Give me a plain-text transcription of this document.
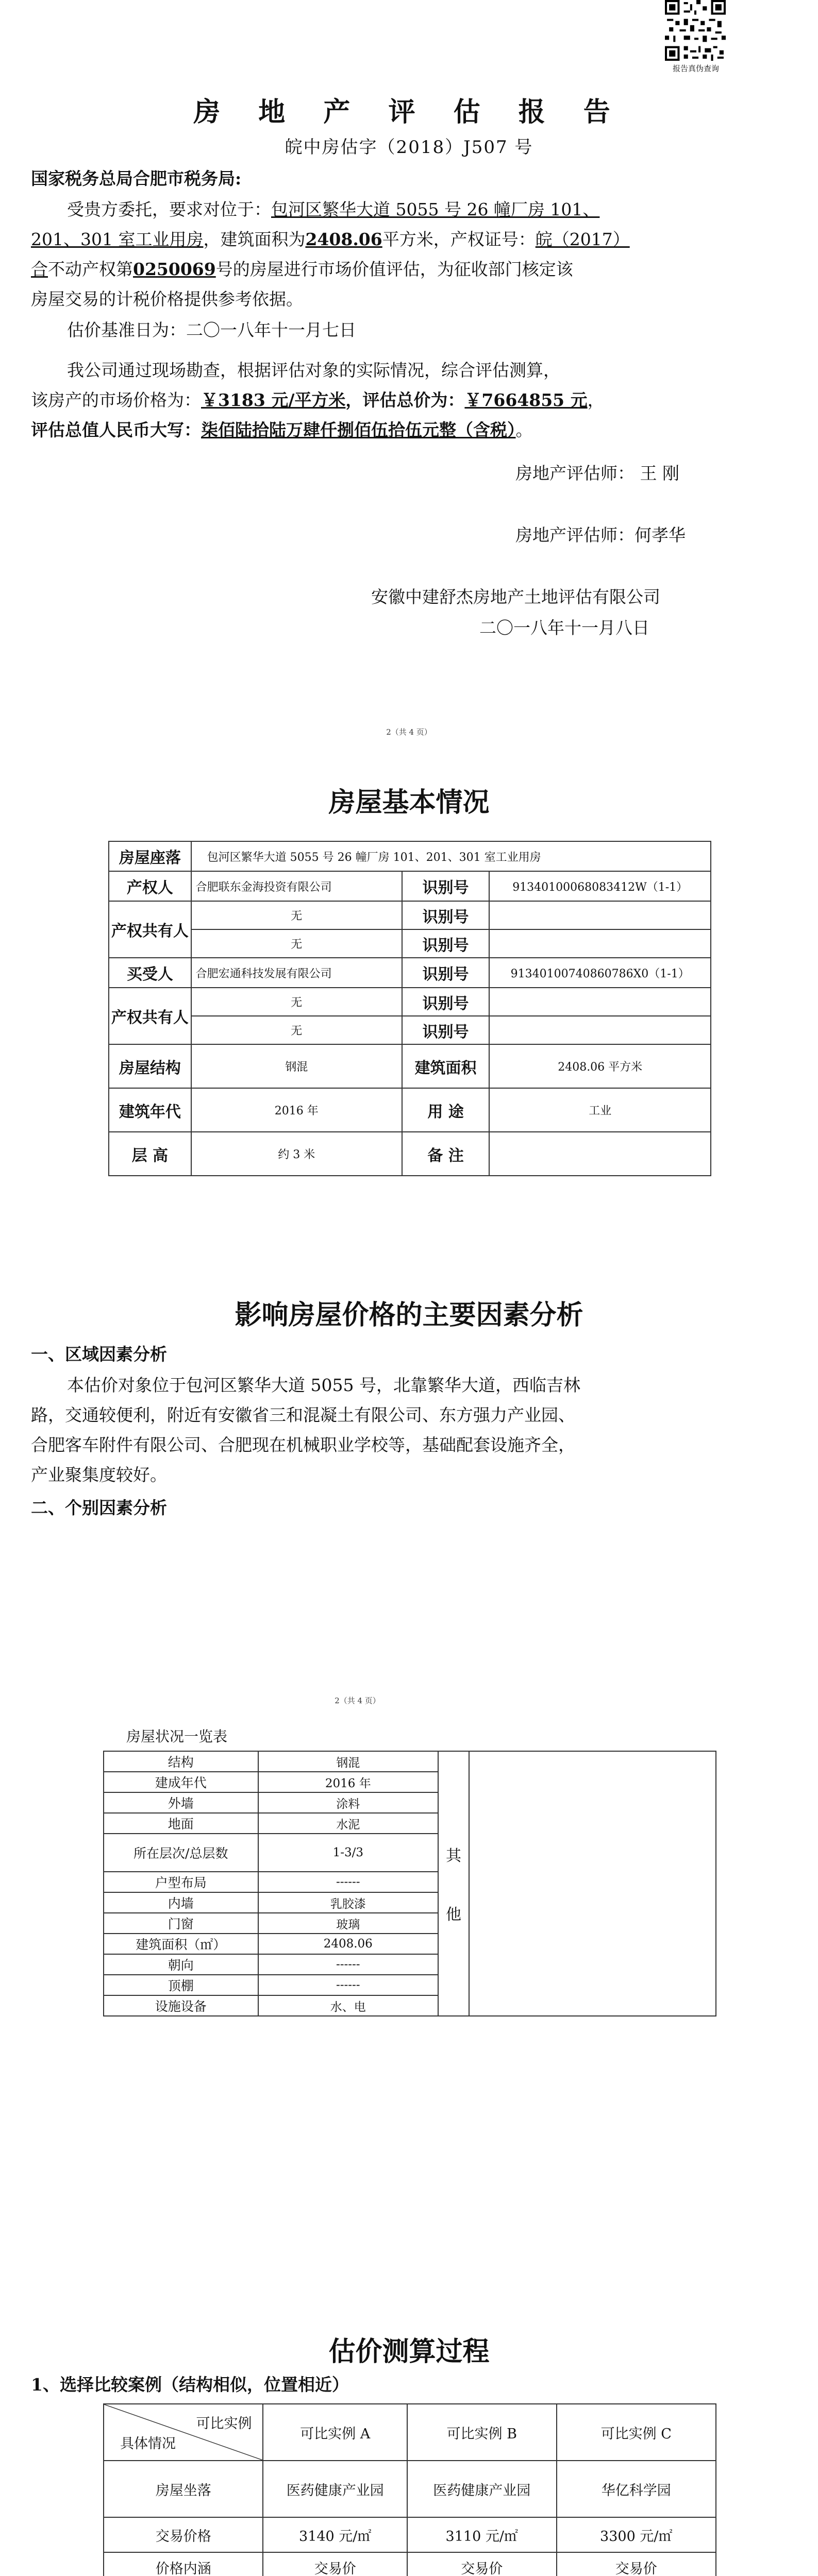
报告真伪查询
房 地 产 评 估 报 告
皖中房估字（2018）J507 号
国家税务总局合肥市税务局:
受贵方委托，要求对位于：包河区繁华大道 5055 号 26 幢厂房 101、
201、301 室工业用房，建筑面积为2408.06平方米，产权证号：皖（2017）
合不动产权第0250069号的房屋进行市场价值评估，为征收部门核定该
房屋交易的计税价格提供参考依据。
估价基准日为：二〇一八年十一月七日
我公司通过现场勘查，根据评估对象的实际情况，综合评估测算，
该房产的市场价格为：￥3183 元/平方米，评估总价为：￥7664855 元，
评估总值人民币大写：柒佰陆拾陆万肆仟捌佰伍拾伍元整（含税）。
房地产评估师： 王 刚
房地产评估师：何孝华
安徽中建舒杰房地产土地评估有限公司
二〇一八年十一月八日
2（共 4 页）
房屋基本情况
房屋座落	包河区繁华大道 5055 号 26 幢厂房 101、201、301 室工业用房		
产权人	合肥联东金海投资有限公司	识别号	91340100068083412W（1-1）
产权共有人	无	识别号	
	无	识别号	
买受人	合肥宏通科技发展有限公司	识别号	91340100740860786X0（1-1）
产权共有人	无	识别号	
	无	识别号	
房屋结构	钢混	建筑面积	2408.06 平方米
建筑年代	2016 年	用 途	工业
层 高	约 3 米	备 注	
影响房屋价格的主要因素分析
一、区域因素分析
本估价对象位于包河区繁华大道 5055 号，北靠繁华大道，西临吉林
路，交通较便利，附近有安徽省三和混凝土有限公司、东方强力产业园、
合肥客车附件有限公司、合肥现在机械职业学校等，基础配套设施齐全，
产业聚集度较好。
二、个别因素分析
2（共 4 页）
房屋状况一览表
结构	钢混	其

他	
建成年代	2016 年		
外墙	涂料		
地面	水泥		
所在层次/总层数	1-3/3		
户型布局	------		
内墙	乳胶漆		
门窗	玻璃		
建筑面积（㎡）	2408.06		
朝向	------		
顶棚	------		
设施设备	水、电		
估价测算过程
1、选择比较案例（结构相似，位置相近）
可比实例
具体情况	可比实例 A	可比实例 B	可比实例 C
房屋坐落	医药健康产业园	医药健康产业园	华亿科学园
交易价格	3140 元/㎡	3110 元/㎡	3300 元/㎡
价格内涵	交易价	交易价	交易价
